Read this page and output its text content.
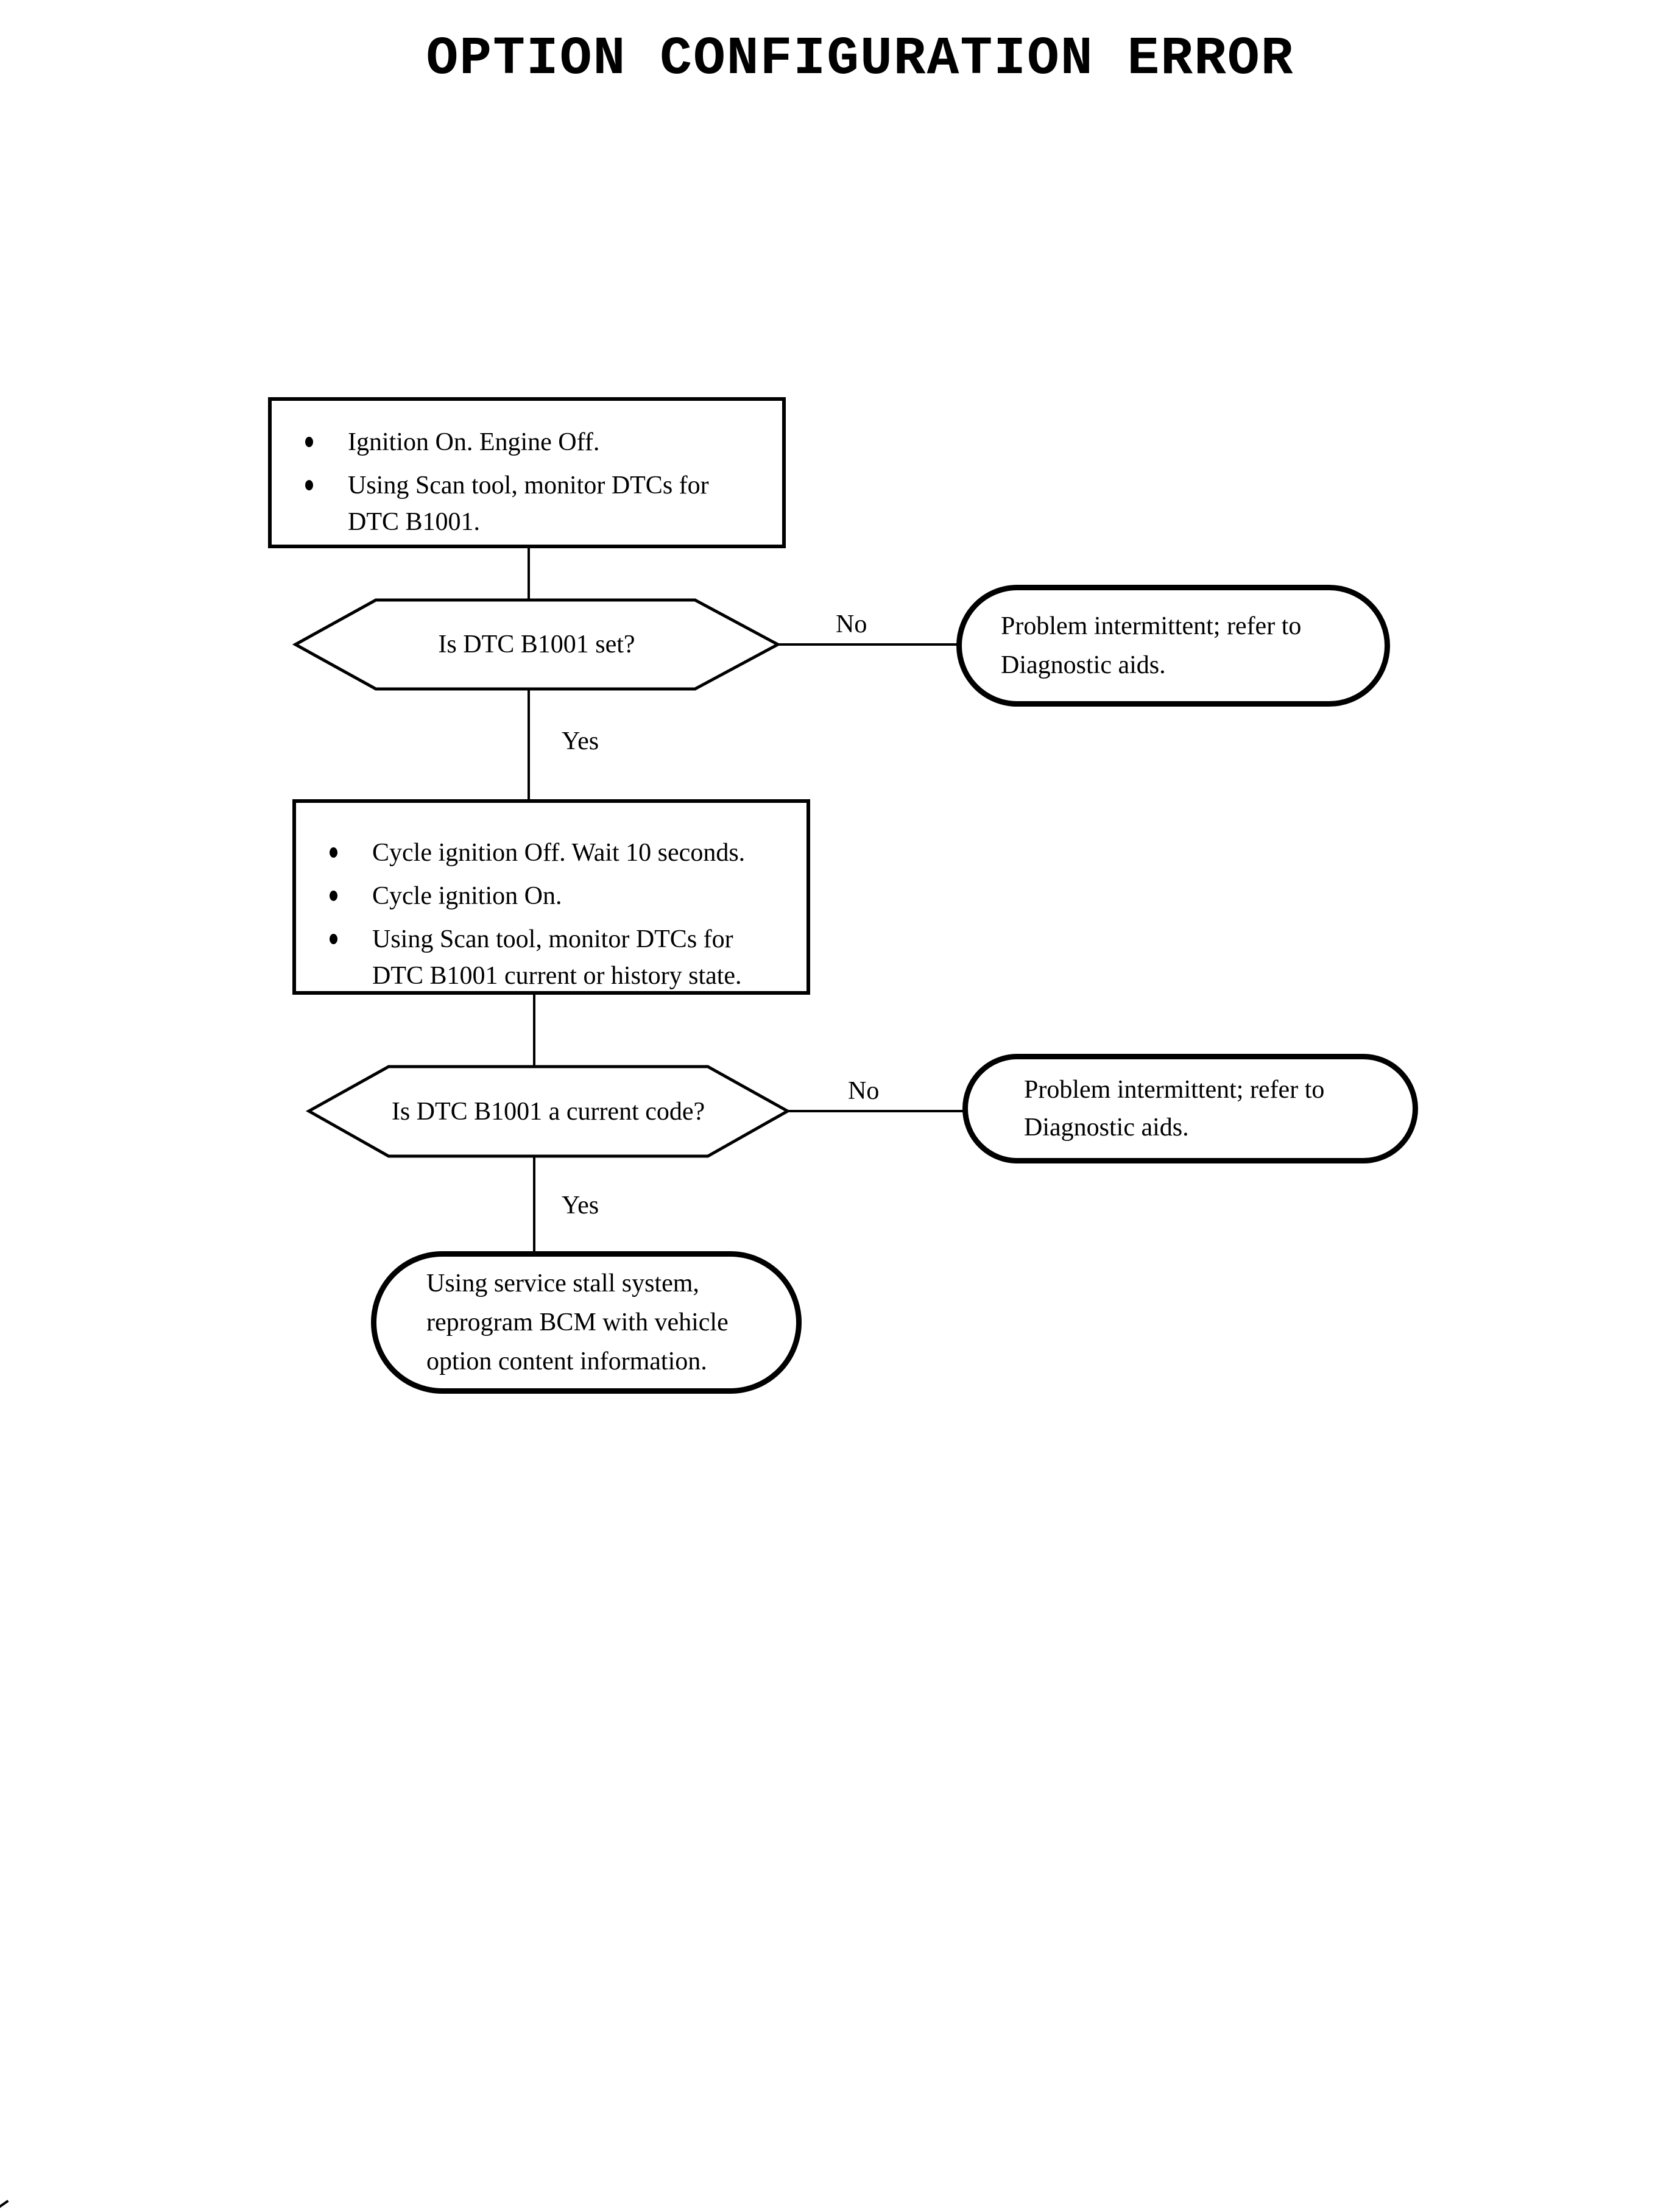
OPTION CONFIGURATION ERROR
Ignition On. Engine Off.
Using Scan tool, monitor DTCs for DTC B1001.
Is DTC B1001 set?
No	Problem intermittent; refer to Diagnostic aids.
Yes
Cycle ignition Off. Wait 10 seconds.
Cycle ignition On.
Using Scan tool, monitor DTCs for DTC B1001 current or history state.
Is DTC B1001 a current code?
No	Problem intermittent; refer to Diagnostic aids.
Yes
Using service stall system, reprogram BCM with vehicle option content information.
